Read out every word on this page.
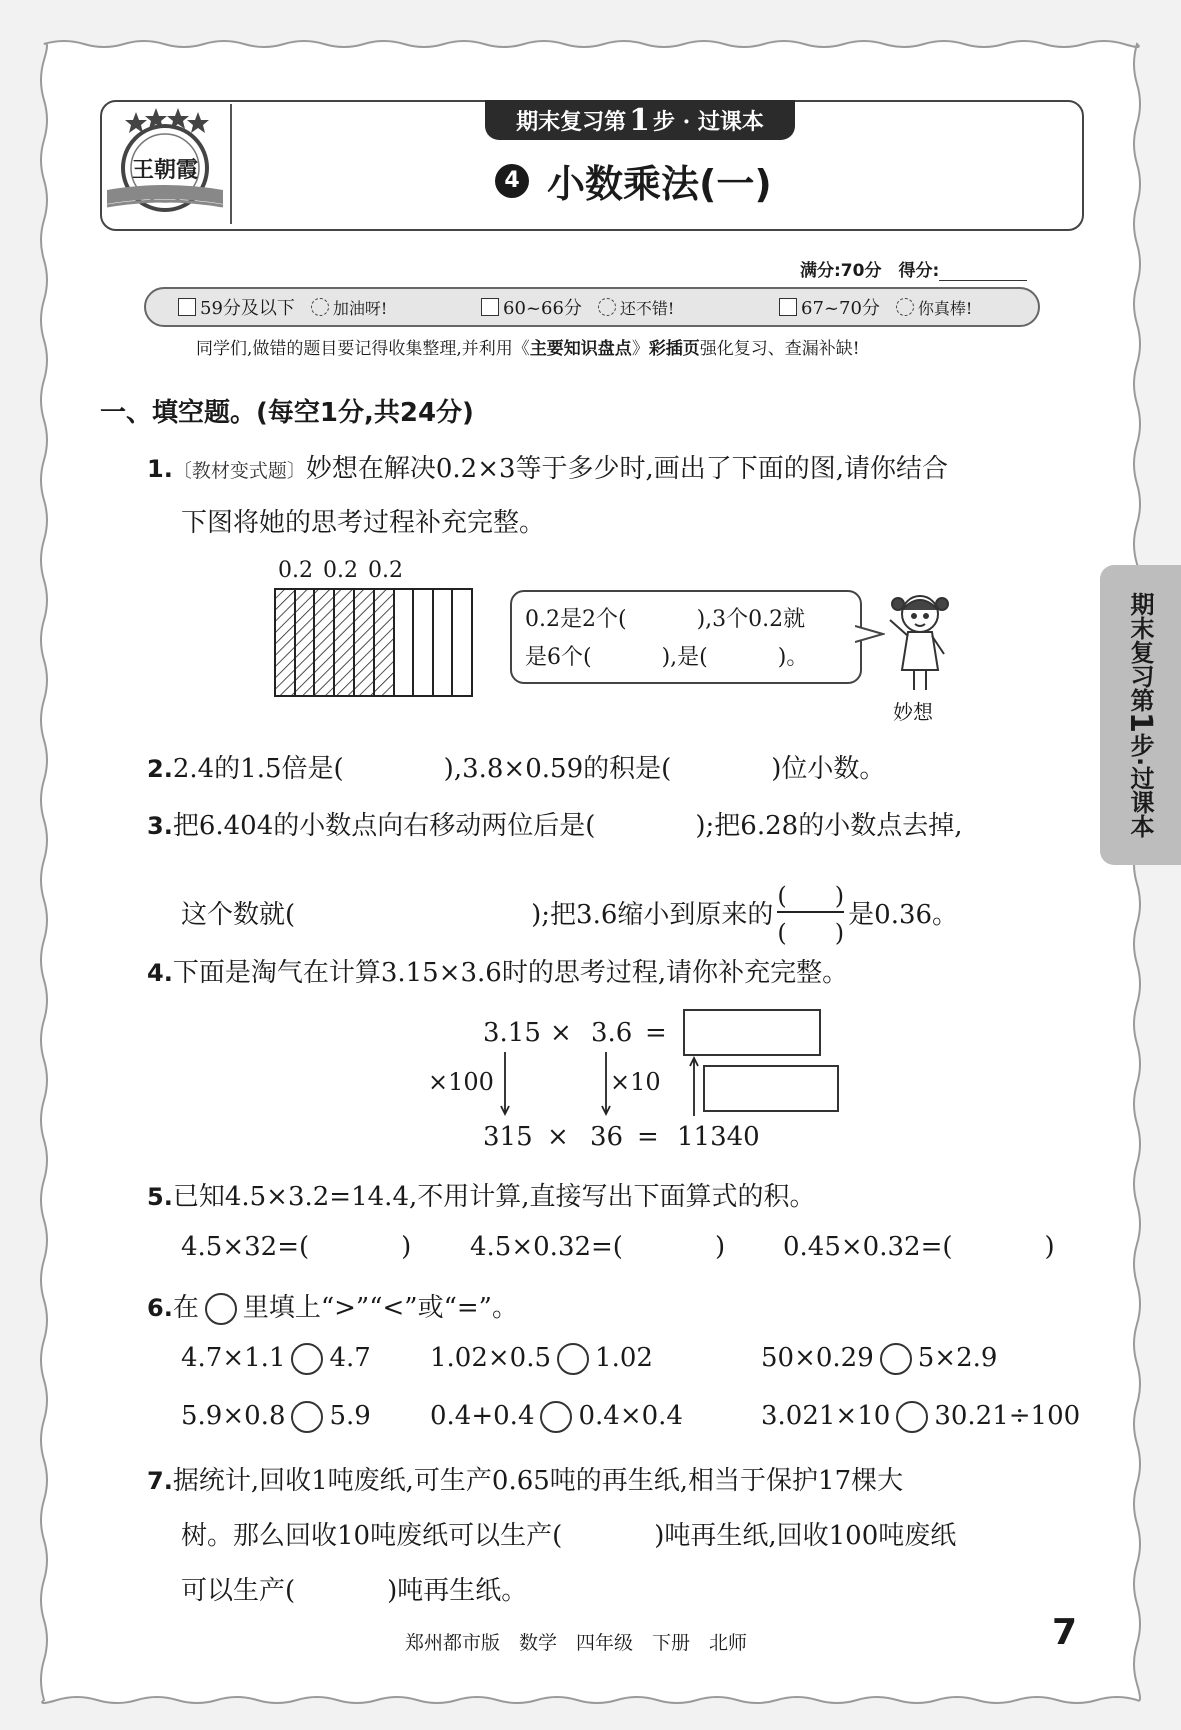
王朝霞
期末复习第 1 步 · 过课本
4 小数乘法(一)
满分:70分　得分:
59分及以下 加油呀!	60~66分 还不错!	67~70分 你真棒!
同学们,做错的题目要记得收集整理,并利用《主要知识盘点》彩插页强化复习、查漏补缺!
一、填空题。(每空1分,共24分)
1.〔教材变式题〕妙想在解决0.2×3等于多少时,画出了下面的图,请你结合
下图将她的思考过程补充完整。
0.2 0.2 0.2
0.2是2个(	),3个0.2就
是6个(	),是(	)。
妙想
2.2.4的1.5倍是(	),3.8×0.59的积是(	)位小数。
3.把6.404的小数点向右移动两位后是(	);把6.28的小数点去掉,
这个数就(	);把3.6缩小到原来的 $\frac{( )}{( )}$ 是0.36。
4.下面是淘气在计算3.15×3.6时的思考过程,请你补充完整。
3.15 × 3.6 =
×100	×10
315 × 36 = 11340
5.已知4.5×3.2=14.4,不用计算,直接写出下面算式的积。
4.5×32=(	) 4.5×0.32=(	) 0.45×0.32=(	)
6.在 里填上“>”“<”或“=”。
4.7×1.1 4.7 1.02×0.5 1.02	50×0.29 5×2.9
5.9×0.8 5.9 0.4+0.4 0.4×0.4	3.021×10 30.21÷100
7.据统计,回收1吨废纸,可生产0.65吨的再生纸,相当于保护17棵大
树。那么回收10吨废纸可以生产(	)吨再生纸,回收100吨废纸
可以生产(	)吨再生纸。
期末复习第
1
步·过课本
郑州都市版　数学　四年级　下册　北师	7
